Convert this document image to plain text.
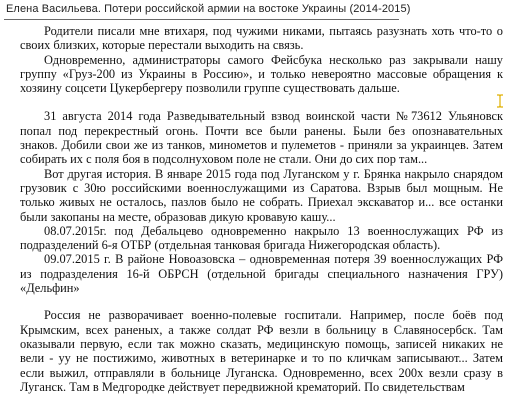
Елена Васильева. Потери российской армии на востоке Украины (2014-2015)

Родители писали мне втихаря, под чужими никами, пытаясь разузнать хоть что-то о своих близких, которые перестали выходить на связь.

Одновременно, администраторы самого Фейсбука несколько раз закрывали нашу группу «Груз-200 из Украины в Россию», и только невероятно массовые обращения к хозяину соцсети Цукербергеру позволили группе существовать дальше.

31 августа 2014 года Разведывательный взвод воинской части №73612 Ульяновск попал под перекрестный огонь. Почти все были ранены. Были без опознавательных знаков. Добили свои же из танков, минометов и пулеметов - приняли за украинцев. Затем собирать их с поля боя в подсолнуховом поле не стали. Они до сих пор там...

Вот другая история. В январе 2015 года под Луганском у г. Брянка накрыло снарядом грузовик с 30ю российскими военнослужащими из Саратова. Взрыв был мощным. Не только живых не осталось, пазлов было не собрать. Приехал экскаватор и... все останки были закопаны на месте, образовав дикую кровавую кашу...

08.07.2015г. под Дебальцево одновременно накрыло 13 военнослужащих РФ из подразделений 6-я ОТБР (отдельная танковая бригада Нижегородская область).

09.07.2015 г. В районе Новоазовска – одновременная потеря 39 военнослужащих РФ из подразделения 16-й ОБРСН (отдельной бригады специального назначения ГРУ) «Дельфин»

Россия не разворачивает военно-полевые госпитали. Например, после боёв под Крымским, всех раненых, а также солдат РФ везли в больницу в Славяносербск. Там оказывали первую, если так можно сказать, медицинскую помощь, записей никаких не вели - уу не постижимо, животных в ветеринарке и то по кличкам записывают... Затем если выжил, отправляли в больнице Луганска. Одновременно, всех 200х везли сразу в Луганск. Там в Медгородке действует передвижной крематорий. По свидетельствам
